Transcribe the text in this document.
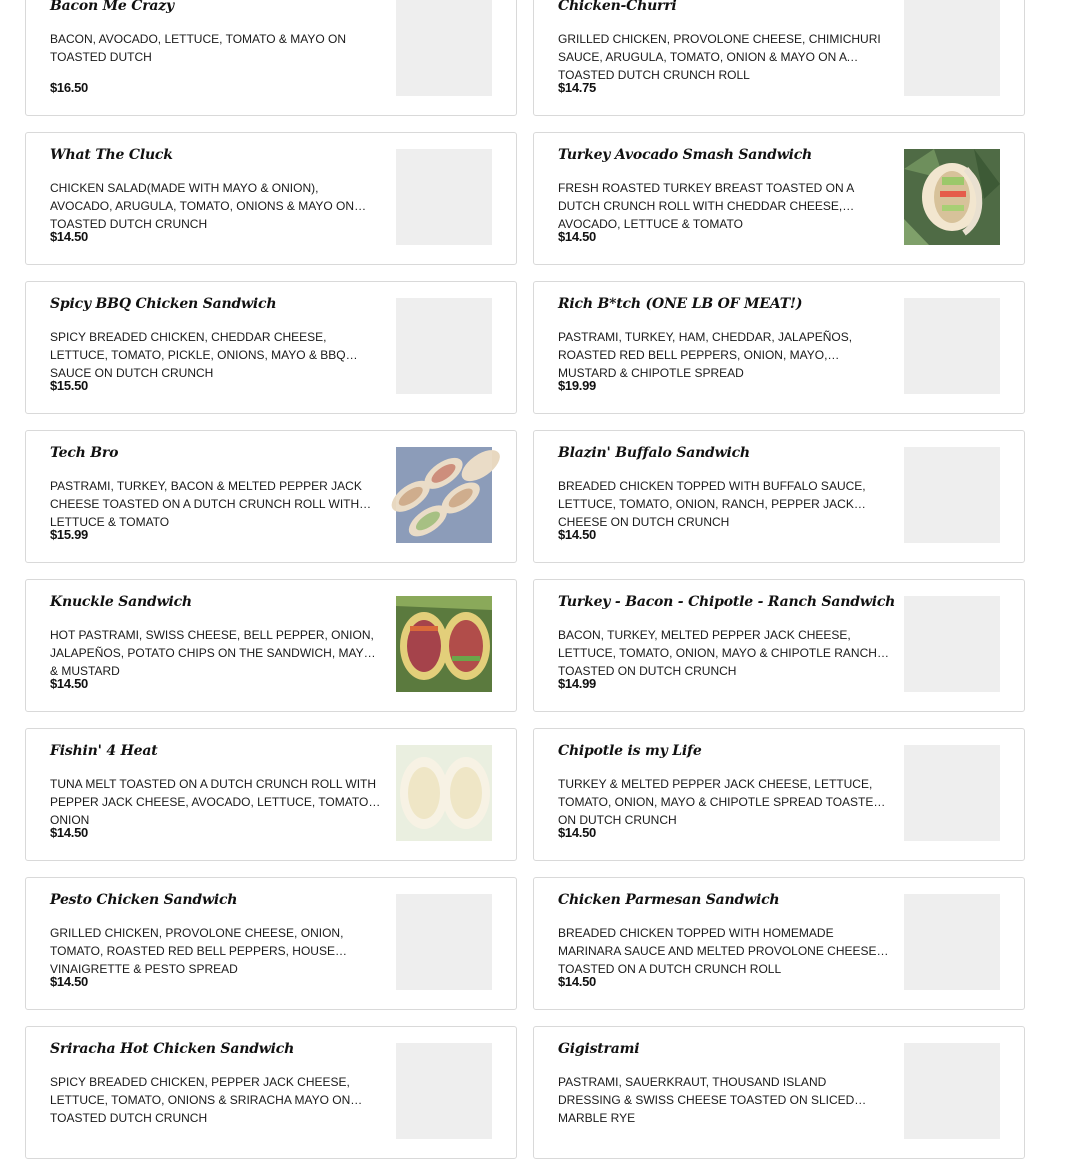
Bacon Me Crazy
BACON, AVOCADO, LETTUCE, TOMATO & MAYO ON TOASTED DUTCH
$16.50
Chicken-Churri
GRILLED CHICKEN, PROVOLONE CHEESE, CHIMICHURI SAUCE, ARUGULA, TOMATO, ONION & MAYO ON A TOASTED DUTCH CRUNCH ROLL
$14.75
What The Cluck
CHICKEN SALAD(MADE WITH MAYO & ONION), AVOCADO, ARUGULA, TOMATO, ONIONS & MAYO ON TOASTED DUTCH CRUNCH
$14.50
Turkey Avocado Smash Sandwich
FRESH ROASTED TURKEY BREAST TOASTED ON A DUTCH CRUNCH ROLL WITH CHEDDAR CHEESE, AVOCADO, LETTUCE & TOMATO
$14.50
Spicy BBQ Chicken Sandwich
SPICY BREADED CHICKEN, CHEDDAR CHEESE, LETTUCE, TOMATO, PICKLE, ONIONS, MAYO & BBQ SAUCE ON DUTCH CRUNCH
$15.50
Rich B*tch (ONE LB OF MEAT!)
PASTRAMI, TURKEY, HAM, CHEDDAR, JALAPEÑOS, ROASTED RED BELL PEPPERS, ONION, MAYO, MUSTARD & CHIPOTLE SPREAD
$19.99
Tech Bro
PASTRAMI, TURKEY, BACON & MELTED PEPPER JACK CHEESE TOASTED ON A DUTCH CRUNCH ROLL WITH LETTUCE & TOMATO
$15.99
Blazin' Buffalo Sandwich
BREADED CHICKEN TOPPED WITH BUFFALO SAUCE, LETTUCE, TOMATO, ONION, RANCH, PEPPER JACK CHEESE ON DUTCH CRUNCH
$14.50
Knuckle Sandwich
HOT PASTRAMI, SWISS CHEESE, BELL PEPPER, ONION, JALAPEÑOS, POTATO CHIPS ON THE SANDWICH, MAYO & MUSTARD
$14.50
Turkey - Bacon - Chipotle - Ranch Sandwich
BACON, TURKEY, MELTED PEPPER JACK CHEESE, LETTUCE, TOMATO, ONION, MAYO & CHIPOTLE RANCH TOASTED ON DUTCH CRUNCH
$14.99
Fishin' 4 Heat
TUNA MELT TOASTED ON A DUTCH CRUNCH ROLL WITH PEPPER JACK CHEESE, AVOCADO, LETTUCE, TOMATO & ONION
$14.50
Chipotle is my Life
TURKEY & MELTED PEPPER JACK CHEESE, LETTUCE, TOMATO, ONION, MAYO & CHIPOTLE SPREAD TOASTED ON DUTCH CRUNCH
$14.50
Pesto Chicken Sandwich
GRILLED CHICKEN, PROVOLONE CHEESE, ONION, TOMATO, ROASTED RED BELL PEPPERS, HOUSE VINAIGRETTE & PESTO SPREAD
$14.50
Chicken Parmesan Sandwich
BREADED CHICKEN TOPPED WITH HOMEMADE MARINARA SAUCE AND MELTED PROVOLONE CHEESE TOASTED ON A DUTCH CRUNCH ROLL
$14.50
Sriracha Hot Chicken Sandwich
SPICY BREADED CHICKEN, PEPPER JACK CHEESE, LETTUCE, TOMATO, ONIONS & SRIRACHA MAYO ON TOASTED DUTCH CRUNCH
Gigistrami
PASTRAMI, SAUERKRAUT, THOUSAND ISLAND DRESSING & SWISS CHEESE TOASTED ON SLICED MARBLE RYE
